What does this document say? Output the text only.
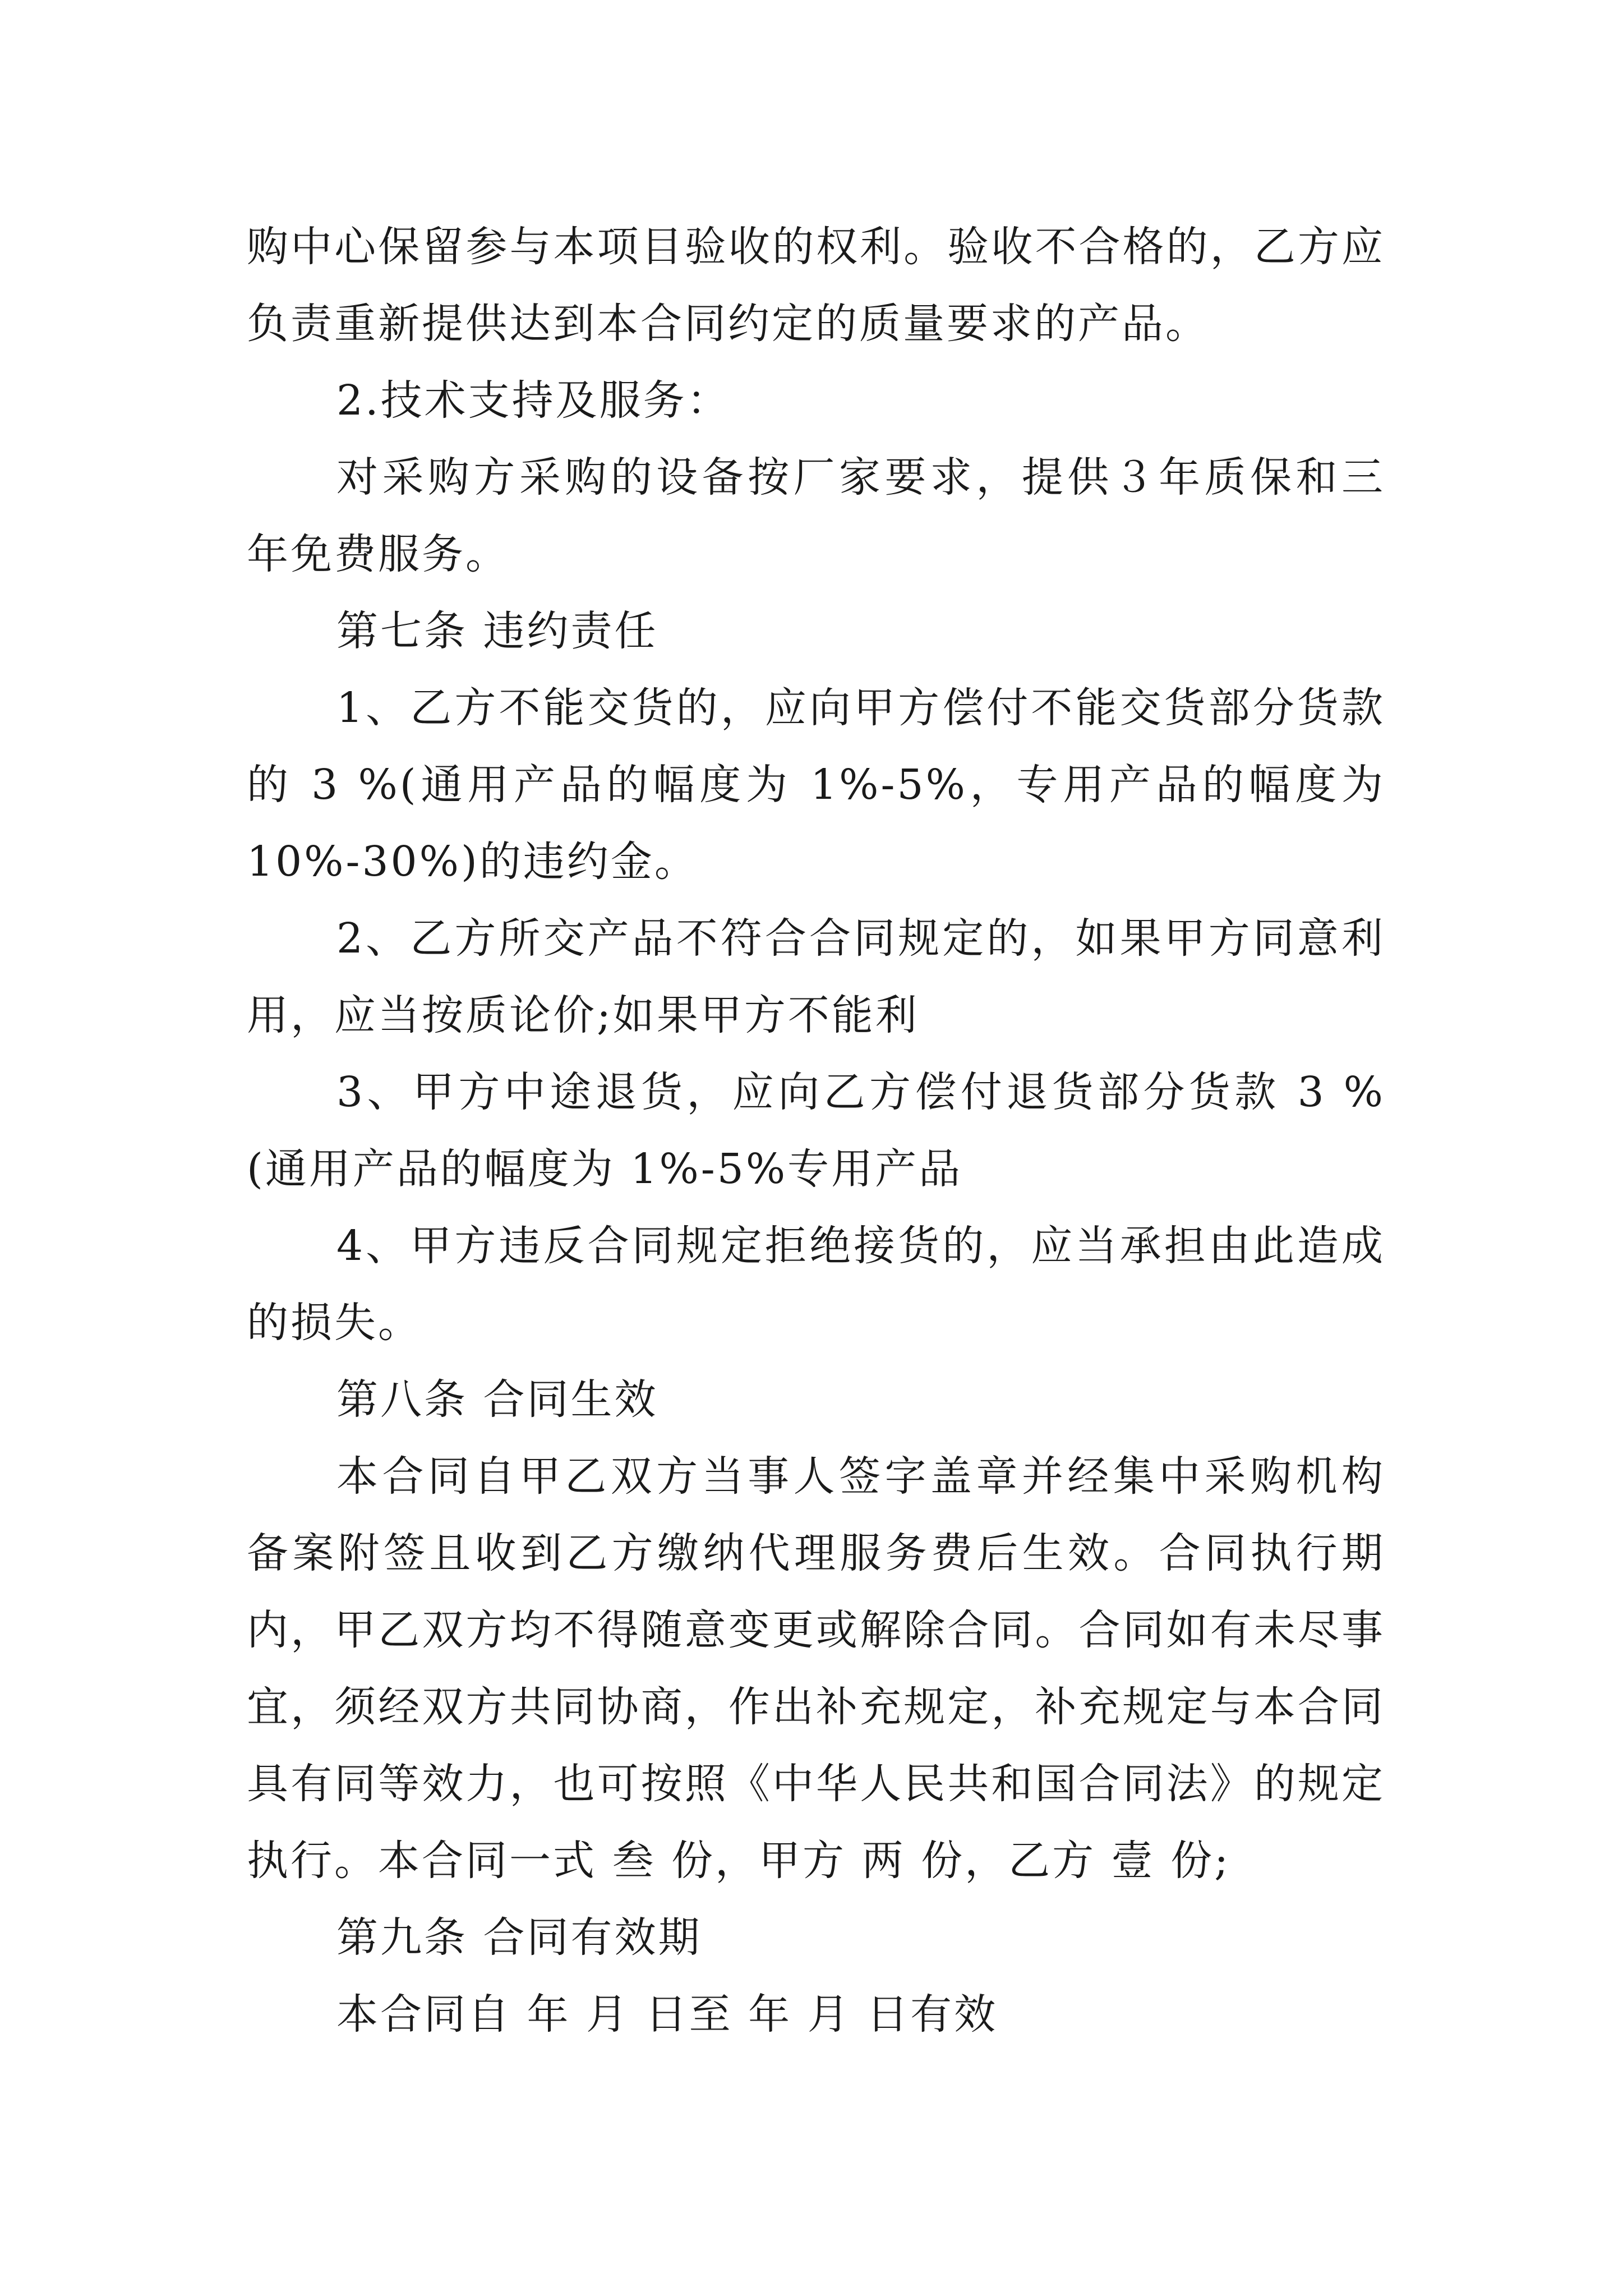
购中心保留参与本项目验收的权利。验收不合格的，乙方应负责重新提供达到本合同约定的质量要求的产品。

2.技术支持及服务：

对采购方采购的设备按厂家要求，提供３年质保和三年免费服务。

第七条 违约责任

1、乙方不能交货的，应向甲方偿付不能交货部分货款的 3 %(通用产品的幅度为 1%-5%，专用产品的幅度为 10%-30%)的违约金。

2、乙方所交产品不符合合同规定的，如果甲方同意利用，应当按质论价;如果甲方不能利

3、甲方中途退货，应向乙方偿付退货部分货款 3 %(通用产品的幅度为 1%-5%专用产品

4、甲方违反合同规定拒绝接货的，应当承担由此造成的损失。

第八条 合同生效

本合同自甲乙双方当事人签字盖章并经集中采购机构备案附签且收到乙方缴纳代理服务费后生效。合同执行期内，甲乙双方均不得随意变更或解除合同。合同如有未尽事宜，须经双方共同协商，作出补充规定，补充规定与本合同具有同等效力，也可按照《中华人民共和国合同法》的规定执行。本合同一式 叁 份，甲方 两 份，乙方 壹 份;

第九条 合同有效期

本合同自 年 月 日至 年 月 日有效
